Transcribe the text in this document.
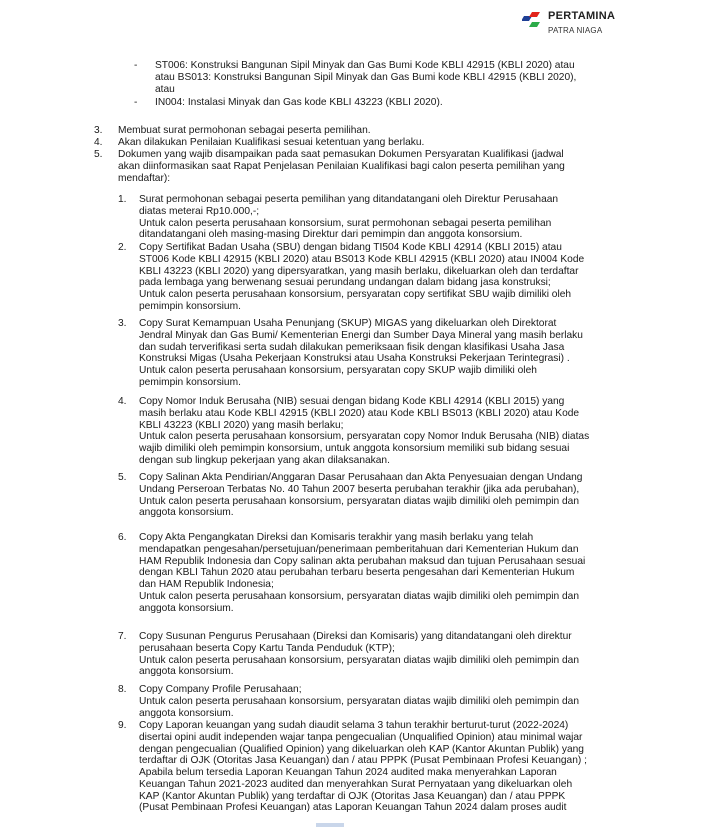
PERTAMINA
PATRA NIAGA
- ST006: Konstruksi Bangunan Sipil Minyak dan Gas Bumi Kode KBLI 42915 (KBLI 2020) atau
atau BS013: Konstruksi Bangunan Sipil Minyak dan Gas Bumi kode KBLI 42915 (KBLI 2020),
atau
- IN004: Instalasi Minyak dan Gas kode KBLI 43223 (KBLI 2020).
3. Membuat surat permohonan sebagai peserta pemilihan.
4. Akan dilakukan Penilaian Kualifikasi sesuai ketentuan yang berlaku.
5. Dokumen yang wajib disampaikan pada saat pemasukan Dokumen Persyaratan Kualifikasi (jadwal
akan diinformasikan saat Rapat Penjelasan Penilaian Kualifikasi bagi calon peserta pemilihan yang
mendaftar):
1. Surat permohonan sebagai peserta pemilihan yang ditandatangani oleh Direktur Perusahaan
diatas meterai Rp10.000,-;
Untuk calon peserta perusahaan konsorsium, surat permohonan sebagai peserta pemilihan
ditandatangani oleh masing-masing Direktur dari pemimpin dan anggota konsorsium.
2. Copy Sertifikat Badan Usaha (SBU) dengan bidang TI504 Kode KBLI 42914 (KBLI 2015) atau
ST006 Kode KBLI 42915 (KBLI 2020) atau BS013 Kode KBLI 42915 (KBLI 2020) atau IN004 Kode
KBLI 43223 (KBLI 2020) yang dipersyaratkan, yang masih berlaku, dikeluarkan oleh dan terdaftar
pada lembaga yang berwenang sesuai perundang undangan dalam bidang jasa konstruksi;
Untuk calon peserta perusahaan konsorsium, persyaratan copy sertifikat SBU wajib dimiliki oleh
pemimpin konsorsium.
3. Copy Surat Kemampuan Usaha Penunjang (SKUP) MIGAS yang dikeluarkan oleh Direktorat
Jendral Minyak dan Gas Bumi/ Kementerian Energi dan Sumber Daya Mineral yang masih berlaku
dan sudah terverifikasi serta sudah dilakukan pemeriksaan fisik dengan klasifikasi Usaha Jasa
Konstruksi Migas (Usaha Pekerjaan Konstruksi atau Usaha Konstruksi Pekerjaan Terintegrasi) .
Untuk calon peserta perusahaan konsorsium, persyaratan copy SKUP wajib dimiliki oleh
pemimpin konsorsium.
4. Copy Nomor Induk Berusaha (NIB) sesuai dengan bidang Kode KBLI 42914 (KBLI 2015) yang
masih berlaku atau Kode KBLI 42915 (KBLI 2020) atau Kode KBLI BS013 (KBLI 2020) atau Kode
KBLI 43223 (KBLI 2020) yang masih berlaku;
Untuk calon peserta perusahaan konsorsium, persyaratan copy Nomor Induk Berusaha (NIB) diatas
wajib dimiliki oleh pemimpin konsorsium, untuk anggota konsorsium memiliki sub bidang sesuai
dengan sub lingkup pekerjaan yang akan dilaksanakan.
5. Copy Salinan Akta Pendirian/Anggaran Dasar Perusahaan dan Akta Penyesuaian dengan Undang
Undang Perseroan Terbatas No. 40 Tahun 2007 beserta perubahan terakhir (jika ada perubahan),
Untuk calon peserta perusahaan konsorsium, persyaratan diatas wajib dimiliki oleh pemimpin dan
anggota konsorsium.
6. Copy Akta Pengangkatan Direksi dan Komisaris terakhir yang masih berlaku yang telah
mendapatkan pengesahan/persetujuan/penerimaan pemberitahuan dari Kementerian Hukum dan
HAM Republik Indonesia dan Copy salinan akta perubahan maksud dan tujuan Perusahaan sesuai
dengan KBLI Tahun 2020 atau perubahan terbaru beserta pengesahan dari Kementerian Hukum
dan HAM Republik Indonesia;
Untuk calon peserta perusahaan konsorsium, persyaratan diatas wajib dimiliki oleh pemimpin dan
anggota konsorsium.
7. Copy Susunan Pengurus Perusahaan (Direksi dan Komisaris) yang ditandatangani oleh direktur
perusahaan beserta Copy Kartu Tanda Penduduk (KTP);
Untuk calon peserta perusahaan konsorsium, persyaratan diatas wajib dimiliki oleh pemimpin dan
anggota konsorsium.
8. Copy Company Profile Perusahaan;
Untuk calon peserta perusahaan konsorsium, persyaratan diatas wajib dimiliki oleh pemimpin dan
anggota konsorsium.
9. Copy Laporan keuangan yang sudah diaudit selama 3 tahun terakhir berturut-turut (2022-2024)
disertai opini audit independen wajar tanpa pengecualian (Unqualified Opinion) atau minimal wajar
dengan pengecualian (Qualified Opinion) yang dikeluarkan oleh KAP (Kantor Akuntan Publik) yang
terdaftar di OJK (Otoritas Jasa Keuangan) dan / atau PPPK (Pusat Pembinaan Profesi Keuangan) ;
Apabila belum tersedia Laporan Keuangan Tahun 2024 audited maka menyerahkan Laporan
Keuangan Tahun 2021-2023 audited dan menyerahkan Surat Pernyataan yang dikeluarkan oleh
KAP (Kantor Akuntan Publik) yang terdaftar di OJK (Otoritas Jasa Keuangan) dan / atau PPPK
(Pusat Pembinaan Profesi Keuangan) atas Laporan Keuangan Tahun 2024 dalam proses audit
